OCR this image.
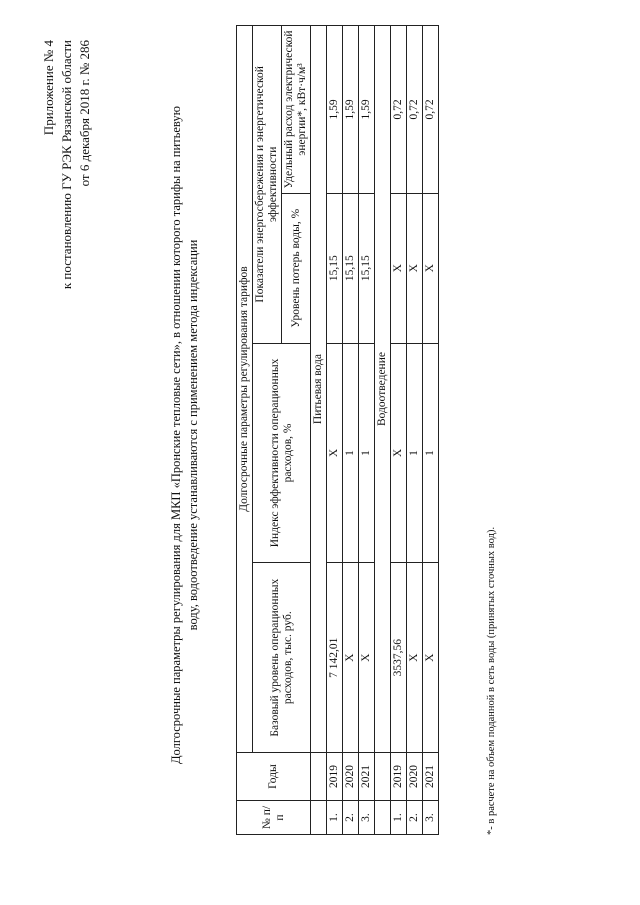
Приложение № 4 к постановлению ГУ РЭК Рязанской области от 6 декабря 2018 г. № 286	Долгосрочные параметры регулирования для МКП «Пронские тепловые сети», в отношении которого тарифы на питьевую воду, водоотведение устанавливаются с применением метода индексации
№ п/п	Годы	Долгосрочные параметры регулирования тарифов			
		Базовый уровень операционных расходов, тыс. руб.	Индекс эффективности операционных расходов, %	Показатели энергосбережения и энергетической эффективности	
				Уровень потерь воды, %	Удельный расход электрической энергии*, кВт·ч/м³
		Питьевая вода			
1.	2019	7 142,01	Х	15,15	1,59
2.	2020	Х	1	15,15	1,59
3.	2021	Х	1	15,15	1,59
		Водоотведение			
1.	2019	3537,56	Х	Х	0,72
2.	2020	Х	1	Х	0,72
3.	2021	Х	1	Х	0,72
*- в расчете на объем поданной в сеть воды (принятых сточных вод).
